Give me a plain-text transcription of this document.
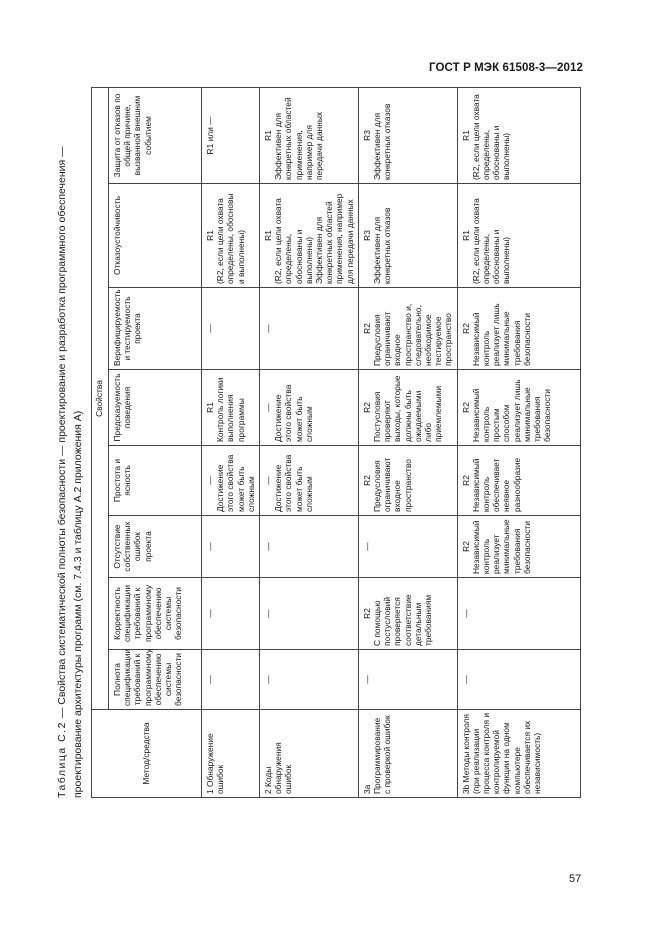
ГОСТ Р МЭК 61508-3—2012
Таблица С.2 — Свойства систематической полноты безопасности — проектирование и разработка программного обеспечения — проектирование архитектуры программ (см. 7.4.3 и таблицу А.2 приложения А)	Метод/средства	Свойства							
	Полнота спецификации требований к программному обеспечению системы безопасности	Корректность спецификации требований к программному обеспечению системы безопасности	Отсутствие собственных ошибок проекта	Простота и ясность	Предсказуемость поведения	Верифицируемость и тестируемость проекта	Отказоустойчивость	Защита от отказов по общей причине, вызванной внешним событием
1 Обнаружение ошибок	—	—	—	— Достижение этого свойства может быть сложным	R1 Контроль логики выполнения программы	—	R1 (R2, если цели охвата определены, обосновы и выполнены)	R1 или —

2 Коды обнаружения ошибок	—	—	—	— Достижение этого свойства может быть сложным	— Достижение этого свойства может быть сложным	—	R1 (R2, если цели охвата определены, обоснованы и выполнены) Эффективен для конкретных областей применения, например для передачи данных	R1 Эффективен для конкретных областей применения, например для передачи данных
3а Программирование с проверкой ошибок	—	R2 С помощью постусловий проверяется соответствие детальным требованиям	—	R2 Предусловия ограничивают входное пространство	R2 Постусловия проверяют выходы, которые должны быть ожидаемыми либо приемлемыми	R2 Предусловия ограничивают входное пространство и, следовательно, необходимое тестируемое пространство	R3 Эффективен для конкретных отказов	R3 Эффективен для конкретных отказов
3b Методы контроля (при реализации процесса контроля и контролируемой функции на одном компьютере обеспечивается их независимость)	—	—	R2 Независимый контроль реализует минимальные требования безопасности	R2 Независимый контроль обеспечивает неявное разнообразие	R2 Независимый контроль простым способом реализует лишь минимальные требования безопасности	R2 Независимый контроль реализует лишь минимальные требования безопасности	R1 (R2, если цели охвата определены, обоснованы и выполнены)	R1 (R2, если цели охвата определены, обоснованы и выполнены)
57
